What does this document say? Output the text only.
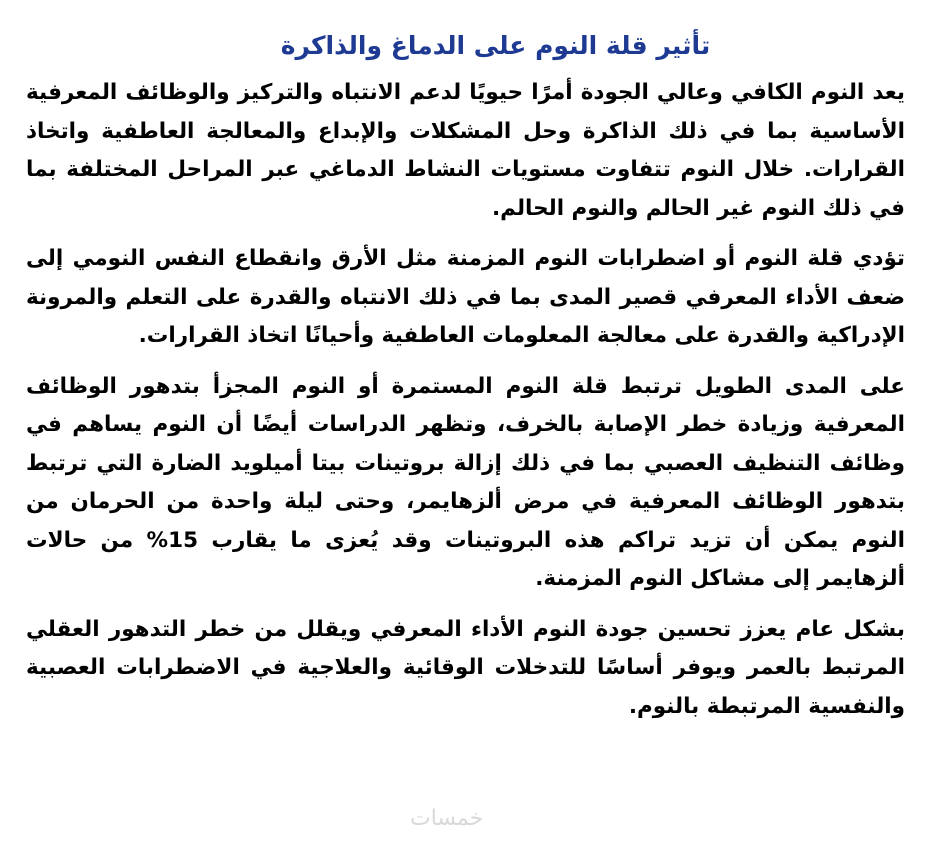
تأثير قلة النوم على الدماغ والذاكرة

يعد النوم الكافي وعالي الجودة أمرًا حيويًا لدعم الانتباه والتركيز والوظائف المعرفية الأساسية بما في ذلك الذاكرة وحل المشكلات والإبداع والمعالجة العاطفية واتخاذ القرارات. خلال النوم تتفاوت مستويات النشاط الدماغي عبر المراحل المختلفة بما في ذلك النوم غير الحالم والنوم الحالم.

تؤدي قلة النوم أو اضطرابات النوم المزمنة مثل الأرق وانقطاع النفس النومي إلى ضعف الأداء المعرفي قصير المدى بما في ذلك الانتباه والقدرة على التعلم والمرونة الإدراكية والقدرة على معالجة المعلومات العاطفية وأحيانًا اتخاذ القرارات.

على المدى الطويل ترتبط قلة النوم المستمرة أو النوم المجزأ بتدهور الوظائف المعرفية وزيادة خطر الإصابة بالخرف، وتظهر الدراسات أيضًا أن النوم يساهم في وظائف التنظيف العصبي بما في ذلك إزالة بروتينات بيتا أميلويد الضارة التي ترتبط بتدهور الوظائف المعرفية في مرض ألزهايمر، وحتى ليلة واحدة من الحرمان من النوم يمكن أن تزيد تراكم هذه البروتينات وقد يُعزى ما يقارب 15% من حالات ألزهايمر إلى مشاكل النوم المزمنة.

بشكل عام يعزز تحسين جودة النوم الأداء المعرفي ويقلل من خطر التدهور العقلي المرتبط بالعمر ويوفر أساسًا للتدخلات الوقائية والعلاجية في الاضطرابات العصبية والنفسية المرتبطة بالنوم.

خمسات
